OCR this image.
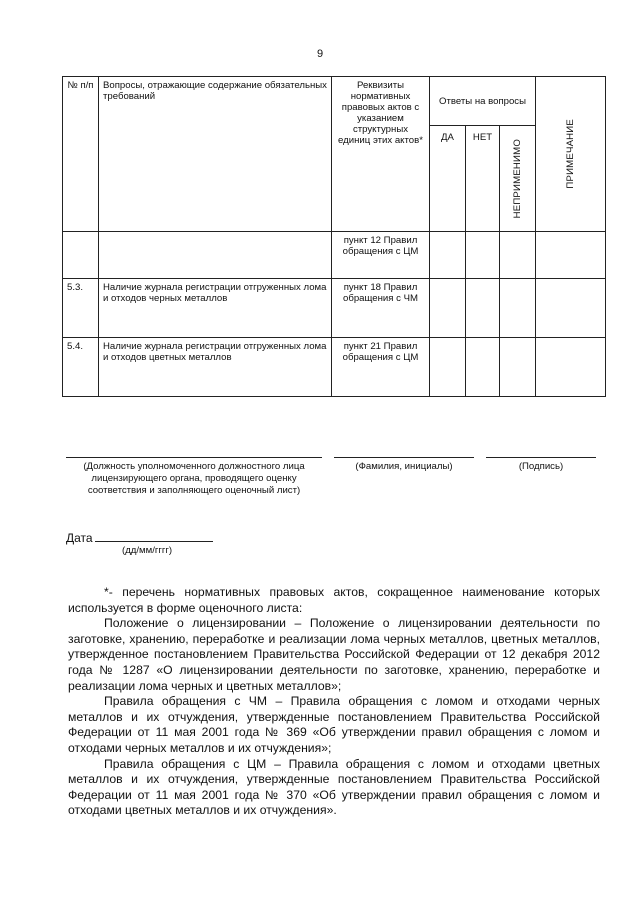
9
№ п/п	Вопросы, отражающие содержание обязательных требований	Реквизиты нормативных правовых актов с указанием структурных единиц этих актов*	Ответы на вопросы			ПРИМЕЧАНИЕ

			ДА	НЕТ	НЕПРИМЕНИМО	

		пункт 12 Правил обращения с ЦМ				
5.3.	Наличие журнала регистрации отгруженных лома и отходов черных металлов	пункт 18 Правил обращения с ЧМ				
5.4.	Наличие журнала регистрации отгруженных лома и отходов цветных металлов	пункт 21 Правил обращения с ЦМ				
(Должность уполномоченного должностного лица лицензирующего органа, проводящего оценку соответствия и заполняющего оценочный лист)
(Фамилия, инициалы)	(Подпись)
Дата
(дд/мм/гггг)

*- перечень нормативных правовых актов, сокращенное наименование которых используется в форме оценочного листа:

Положение о лицензировании – Положение о лицензировании деятельности по заготовке, хранению, переработке и реализации лома черных металлов, цветных металлов, утвержденное постановлением Правительства Российской Федерации от 12 декабря 2012 года № 1287 «О лицензировании деятельности по заготовке, хранению, переработке и реализации лома черных и цветных металлов»;

Правила обращения с ЧМ – Правила обращения с ломом и отходами черных металлов и их отчуждения, утвержденные постановлением Правительства Российской Федерации от 11 мая 2001 года № 369 «Об утверждении правил обращения с ломом и отходами черных металлов и их отчуждения»;

Правила обращения с ЦМ – Правила обращения с ломом и отходами цветных металлов и их отчуждения, утвержденные постановлением Правительства Российской Федерации от 11 мая 2001 года № 370 «Об утверждении правил обращения с ломом и отходами цветных металлов и их отчуждения».
